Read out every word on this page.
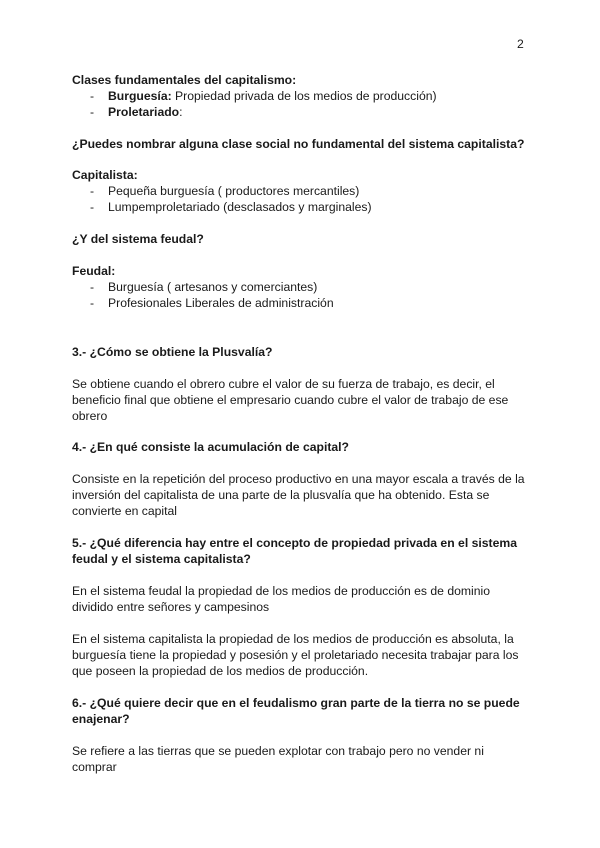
2
Clases fundamentales del capitalismo:
- Burguesía: Propiedad privada de los medios de producción)
- Proletariado:
¿Puedes nombrar alguna clase social no fundamental del sistema capitalista?
Capitalista:
- Pequeña burguesía ( productores mercantiles)
- Lumpemproletariado (desclasados y marginales)
¿Y del sistema feudal?
Feudal:
- Burguesía ( artesanos y comerciantes)
- Profesionales Liberales de administración
3.- ¿Cómo se obtiene la Plusvalía?
Se obtiene cuando el obrero cubre el valor de su fuerza de trabajo, es decir, el
beneficio final que obtiene el empresario cuando cubre el valor de trabajo de ese
obrero
4.- ¿En qué consiste la acumulación de capital?
Consiste en la repetición del proceso productivo en una mayor escala a través de la
inversión del capitalista de una parte de la plusvalía que ha obtenido. Esta se
convierte en capital
5.- ¿Qué diferencia hay entre el concepto de propiedad privada en el sistema
feudal y el sistema capitalista?
En el sistema feudal la propiedad de los medios de producción es de dominio
dividido entre señores y campesinos
En el sistema capitalista la propiedad de los medios de producción es absoluta, la
burguesía tiene la propiedad y posesión y el proletariado necesita trabajar para los
que poseen la propiedad de los medios de producción.
6.- ¿Qué quiere decir que en el feudalismo gran parte de la tierra no se puede
enajenar?
Se refiere a las tierras que se pueden explotar con trabajo pero no vender ni
comprar
